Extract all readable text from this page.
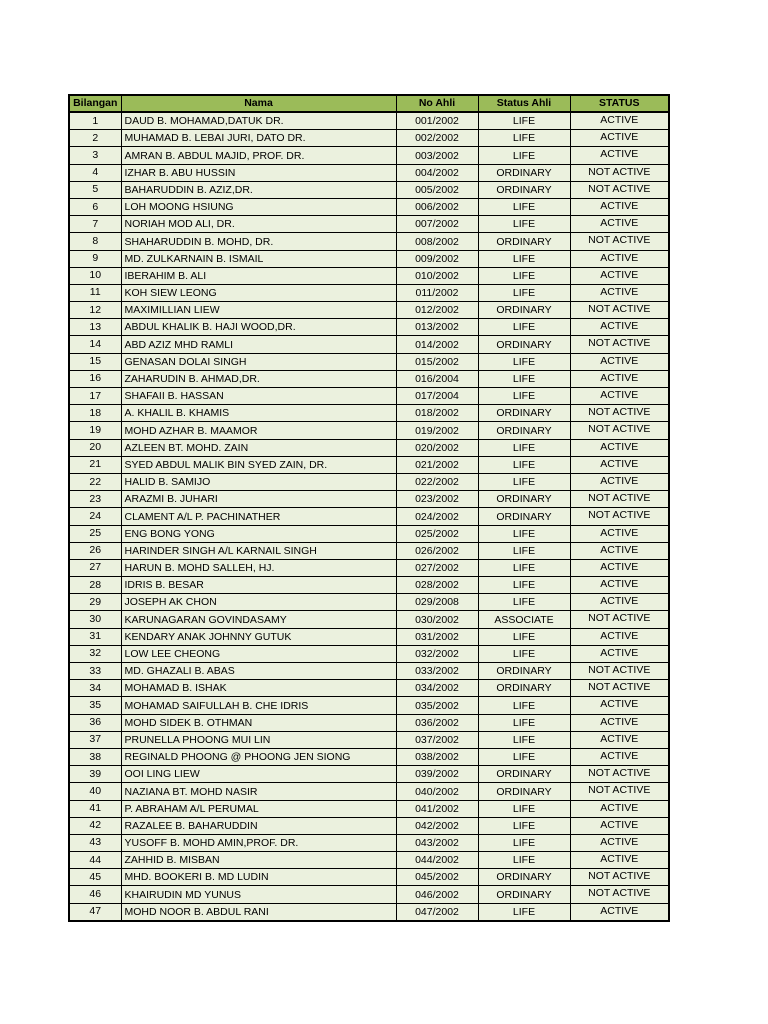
Bilangan	Nama	No Ahli	Status Ahli	STATUS
1	DAUD B. MOHAMAD,DATUK DR.	001/2002	LIFE	ACTIVE
2	MUHAMAD B. LEBAI JURI, DATO DR.	002/2002	LIFE	ACTIVE
3	AMRAN B. ABDUL MAJID, PROF. DR.	003/2002	LIFE	ACTIVE
4	IZHAR B. ABU HUSSIN	004/2002	ORDINARY	NOT ACTIVE
5	BAHARUDDIN B. AZIZ,DR.	005/2002	ORDINARY	NOT ACTIVE
6	LOH MOONG HSIUNG	006/2002	LIFE	ACTIVE
7	NORIAH MOD ALI, DR.	007/2002	LIFE	ACTIVE
8	SHAHARUDDIN B. MOHD, DR.	008/2002	ORDINARY	NOT ACTIVE
9	MD. ZULKARNAIN B. ISMAIL	009/2002	LIFE	ACTIVE
10	IBERAHIM B. ALI	010/2002	LIFE	ACTIVE
11	KOH SIEW LEONG	011/2002	LIFE	ACTIVE
12	MAXIMILLIAN LIEW	012/2002	ORDINARY	NOT ACTIVE
13	ABDUL KHALIK B. HAJI WOOD,DR.	013/2002	LIFE	ACTIVE
14	ABD AZIZ MHD RAMLI	014/2002	ORDINARY	NOT ACTIVE
15	GENASAN DOLAI SINGH	015/2002	LIFE	ACTIVE
16	ZAHARUDIN B. AHMAD,DR.	016/2004	LIFE	ACTIVE
17	SHAFAII B. HASSAN	017/2004	LIFE	ACTIVE
18	A. KHALIL B. KHAMIS	018/2002	ORDINARY	NOT ACTIVE
19	MOHD AZHAR B. MAAMOR	019/2002	ORDINARY	NOT ACTIVE
20	AZLEEN BT. MOHD. ZAIN	020/2002	LIFE	ACTIVE
21	SYED ABDUL MALIK BIN SYED ZAIN, DR.	021/2002	LIFE	ACTIVE
22	HALID B. SAMIJO	022/2002	LIFE	ACTIVE
23	ARAZMI B. JUHARI	023/2002	ORDINARY	NOT ACTIVE
24	CLAMENT A/L P. PACHINATHER	024/2002	ORDINARY	NOT ACTIVE
25	ENG BONG YONG	025/2002	LIFE	ACTIVE
26	HARINDER SINGH A/L KARNAIL SINGH	026/2002	LIFE	ACTIVE
27	HARUN B. MOHD SALLEH, HJ.	027/2002	LIFE	ACTIVE
28	IDRIS B. BESAR	028/2002	LIFE	ACTIVE
29	JOSEPH AK CHON	029/2008	LIFE	ACTIVE
30	KARUNAGARAN GOVINDASAMY	030/2002	ASSOCIATE	NOT ACTIVE
31	KENDARY ANAK JOHNNY GUTUK	031/2002	LIFE	ACTIVE
32	LOW LEE CHEONG	032/2002	LIFE	ACTIVE
33	MD. GHAZALI B. ABAS	033/2002	ORDINARY	NOT ACTIVE
34	MOHAMAD B. ISHAK	034/2002	ORDINARY	NOT ACTIVE
35	MOHAMAD SAIFULLAH B. CHE IDRIS	035/2002	LIFE	ACTIVE
36	MOHD SIDEK B. OTHMAN	036/2002	LIFE	ACTIVE
37	PRUNELLA PHOONG MUI LIN	037/2002	LIFE	ACTIVE
38	REGINALD PHOONG @ PHOONG JEN SIONG	038/2002	LIFE	ACTIVE
39	OOI LING LIEW	039/2002	ORDINARY	NOT ACTIVE
40	NAZIANA BT. MOHD NASIR	040/2002	ORDINARY	NOT ACTIVE
41	P. ABRAHAM A/L PERUMAL	041/2002	LIFE	ACTIVE
42	RAZALEE B. BAHARUDDIN	042/2002	LIFE	ACTIVE
43	YUSOFF B. MOHD AMIN,PROF. DR.	043/2002	LIFE	ACTIVE
44	ZAHHID B. MISBAN	044/2002	LIFE	ACTIVE
45	MHD. BOOKERI B. MD LUDIN	045/2002	ORDINARY	NOT ACTIVE
46	KHAIRUDIN MD YUNUS	046/2002	ORDINARY	NOT ACTIVE
47	MOHD NOOR B. ABDUL RANI	047/2002	LIFE	ACTIVE
